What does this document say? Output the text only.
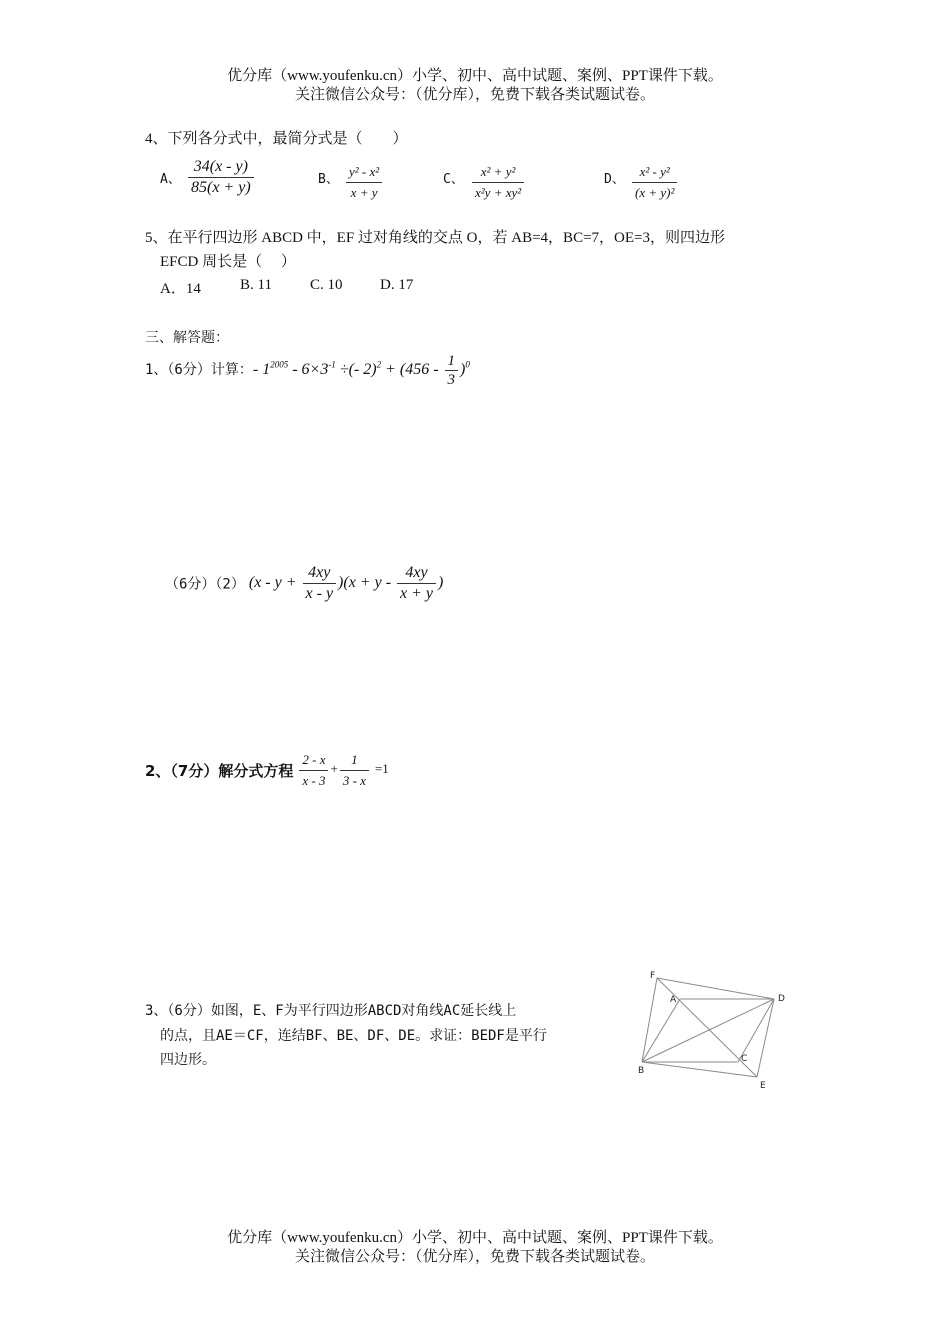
优分库（www.youfenku.cn）小学、初中、高中试题、案例、PPT课件下载。
关注微信公众号：（优分库），免费下载各类试题试卷。
4、下列各分式中，最简分式是（　　）
A、 $\frac{34(x - y)}{85(x + y)}$	B、 $\frac{\text{y² - x²}}{x + y}$	C、 $\frac{\text{x² + y²}}{\text{x²y + xy²}}$	D、 $\frac{\text{x² - y²}}{\text{(x + y)²}}$
5、在平行四边形 ABCD 中，EF 过对角线的交点 O，若 AB=4，BC=7，OE=3，则四边形
EFCD 周长是（　 ）
A．14	B. 11	C. 10 D. 17
三、解答题：
1、（6分）计算：- $1^{2005} - 6\times 3^{-1}$ ÷(- $2)^2 + (456 - \frac{1}{3} )^0$
（6分）（2） $(x - y + \frac{4xy}{x - y} )(x + y - \frac{4xy}{x + y}$ )
2、（7分）解分式方程 $\frac{2 - x}{x - 3} + \frac{1}{3 - x} =1$
3、（6分）如图，E、F为平行四边形ABCD对角线AC延长线上
的点，且AE＝CF，连结BF、BE、DF、DE。求证：BEDF是平行
四边形。
F
A	D
C
B
E
优分库（www.youfenku.cn）小学、初中、高中试题、案例、PPT课件下载。
关注微信公众号：（优分库），免费下载各类试题试卷。
